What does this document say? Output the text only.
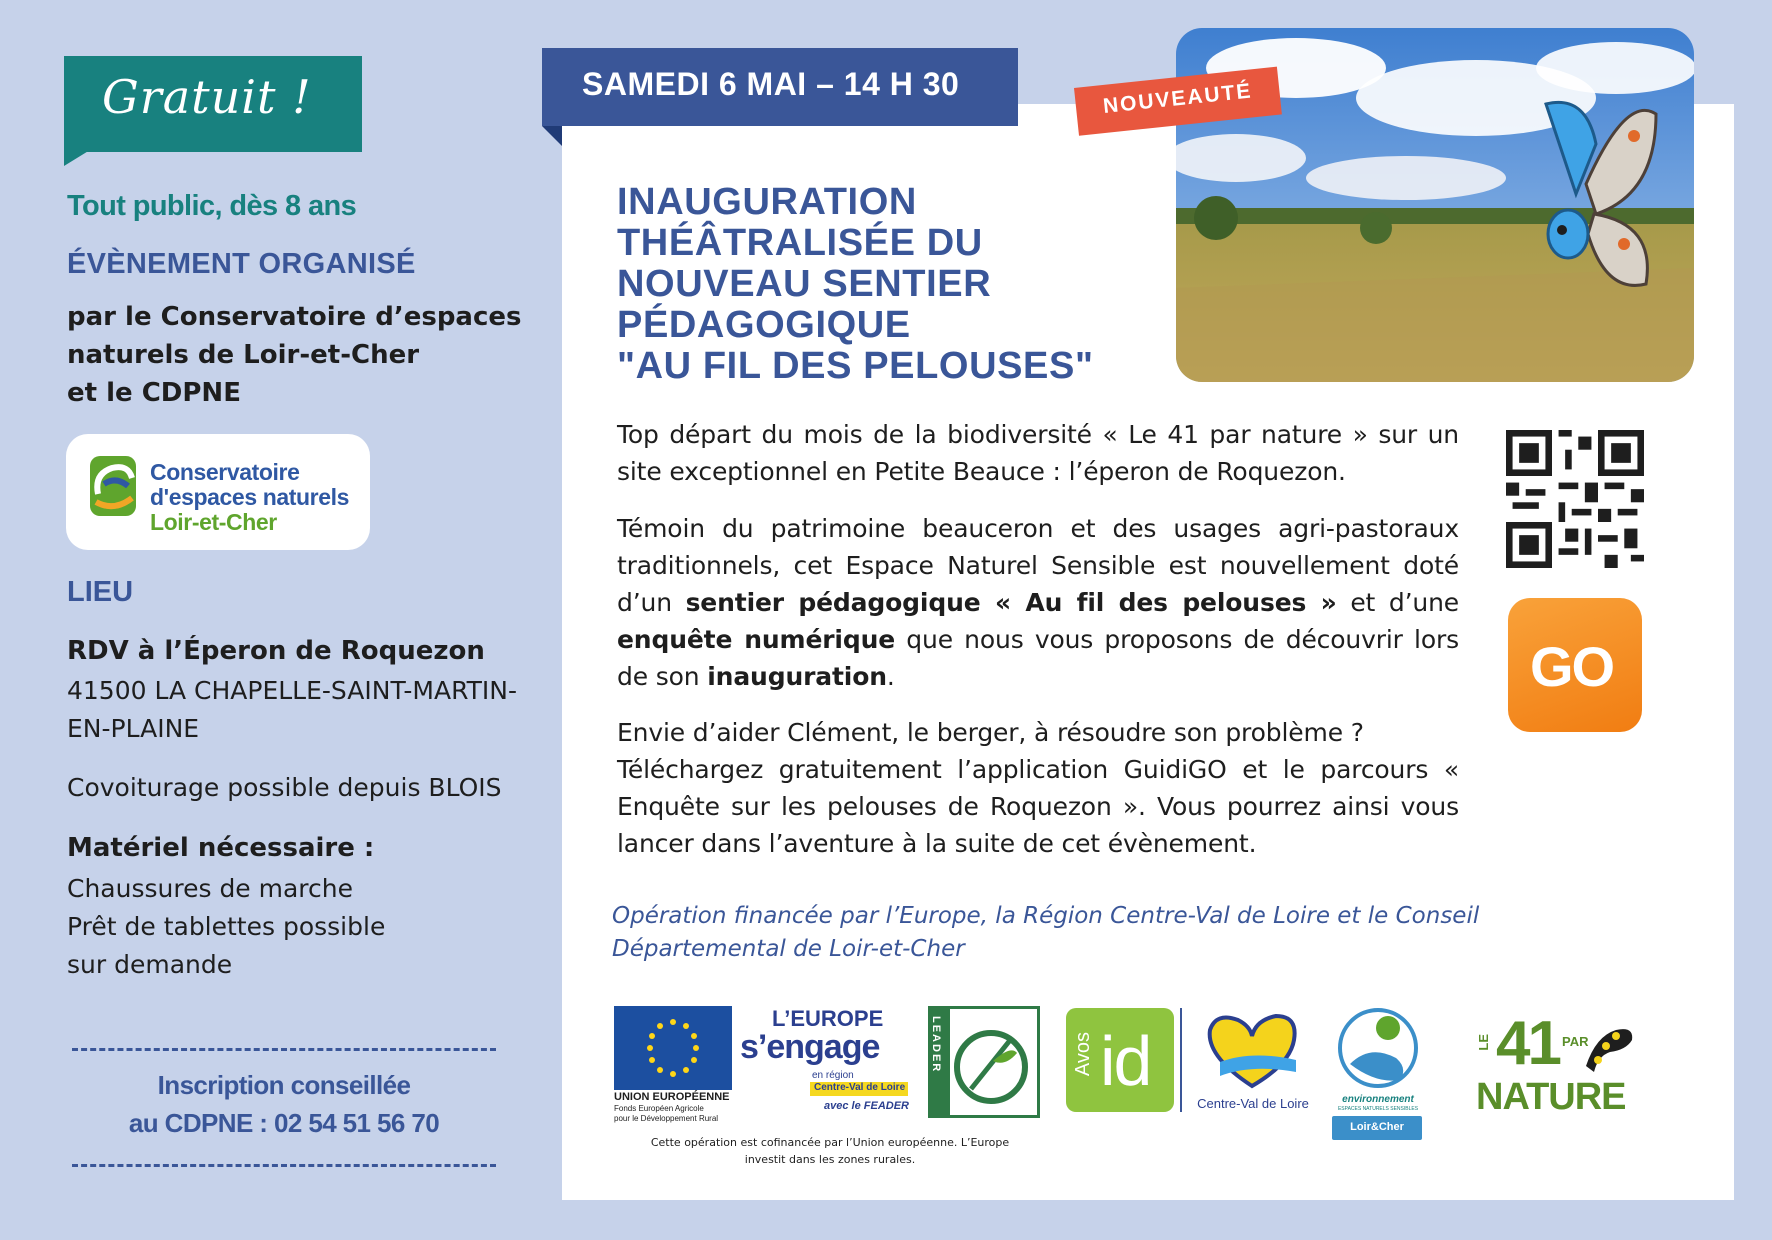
Gratuit !
Tout public, dès 8 ans
ÉVÈNEMENT ORGANISÉ
par le Conservatoire d’espaces
naturels de Loir-et-Cher
et le CDPNE
Conservatoire
d'espaces naturels
Loir-et-Cher
LIEU
RDV à l’Éperon de Roquezon
41500 LA CHAPELLE-SAINT-MARTIN-
EN-PLAINE
Covoiturage possible depuis BLOIS
Matériel nécessaire :
Chaussures de marche
Prêt de tablettes possible
sur demande
Inscription conseillée
au CDPNE : 02 54 51 56 70
SAMEDI 6 MAI – 14 H 30	NOUVEAUTÉ
INAUGURATION
THÉÂTRALISÉE DU
NOUVEAU SENTIER
PÉDAGOGIQUE
"AU FIL DES PELOUSES"
Top départ du mois de la biodiversité « Le 41 par nature » sur un site exceptionnel en Petite Beauce : l’éperon de Roquezon.
Témoin du patrimoine beauceron et des usages agri-pastoraux traditionnels, cet Espace Naturel Sensible est nouvellement doté d’un sentier pédagogique « Au fil des pelouses » et d’une enquête numérique que nous vous proposons de découvrir lors de son inauguration.
Envie d’aider Clément, le berger, à résoudre son problème ?
Téléchargez gratuitement l’application GuidiGO et le parcours « Enquête sur les pelouses de Roquezon ». Vous pourrez ainsi vous lancer dans l’aventure à la suite de cet évènement.
GO
Opération financée par l’Europe, la Région Centre-Val de Loire et le Conseil
Départemental de Loir-et-Cher
UNION EUROPÉENNE
Fonds Européen Agricole
pour le Développement Rural
L’EUROPE
s’engage
en région
Centre-Val de Loire
avec le FEADER
LEADER
Cette opération est cofinancée par l’Union européenne. L’Europe
investit dans les zones rurales.
Avos id
Centre-Val de Loire	environnement
ESPACES NATURELS SENSIBLES
Loir&Cher
LE 41 PAR
NATURE
